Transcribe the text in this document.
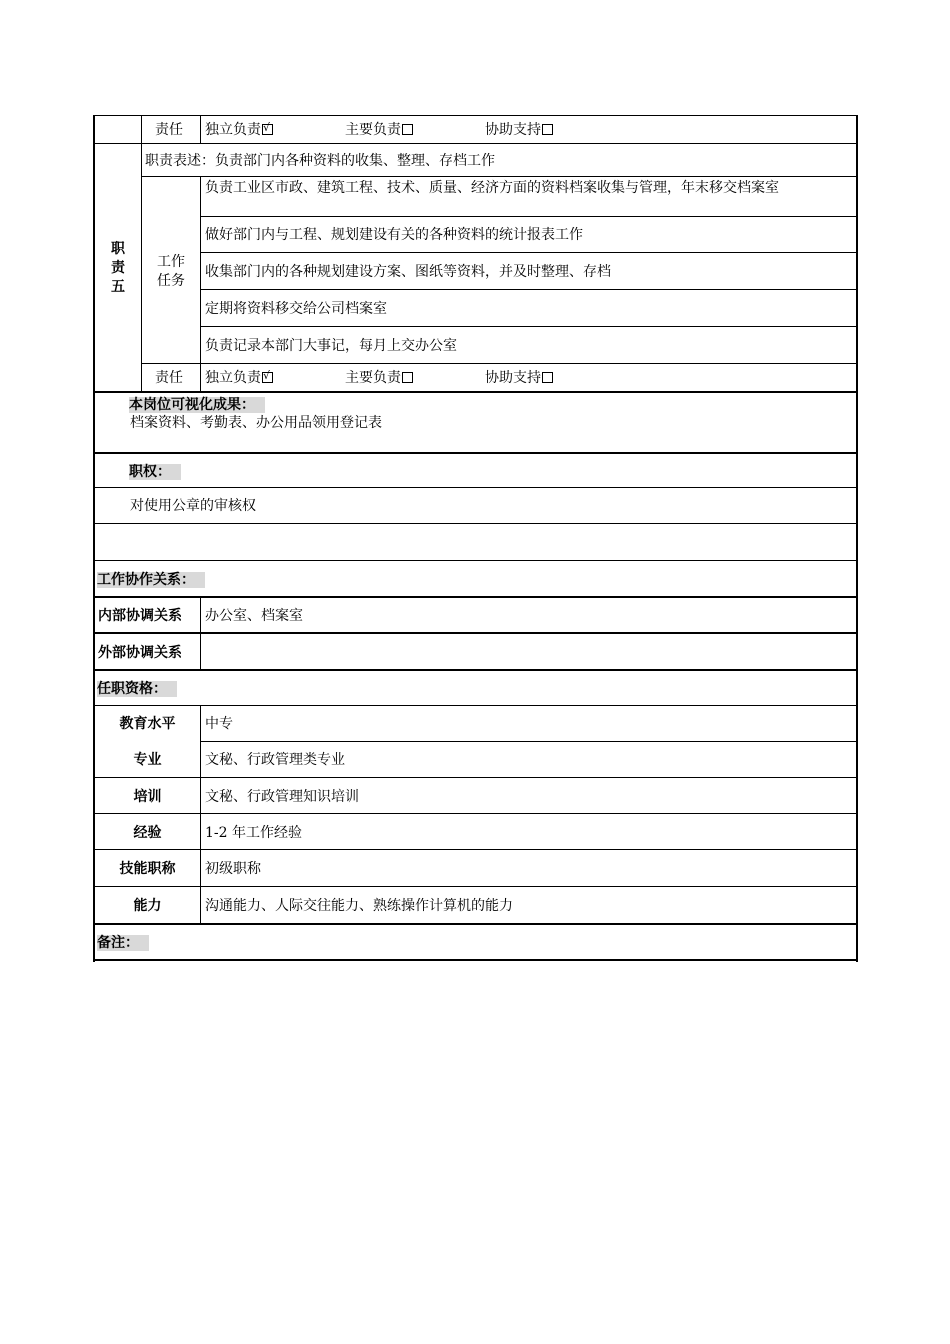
责任 独立负责 √	主要负责	协助支持
职责五
职责表述：负责部门内各种资料的收集、整理、存档工作
工作任务
负责工业区市政、建筑工程、技术、质量、经济方面的资料档案收集与管理，年末移交档案室
做好部门内与工程、规划建设有关的各种资料的统计报表工作
收集部门内的各种规划建设方案、图纸等资料，并及时整理、存档
定期将资料移交给公司档案室
负责记录本部门大事记，每月上交办公室
责任 独立负责 √	主要负责	协助支持
本岗位可视化成果：
档案资料、考勤表、办公用品领用登记表
职权：
对使用公章的审核权
工作协作关系：
内部协调关系 办公室、档案室
外部协调关系
任职资格：
教育水平	中专
专业	文秘、行政管理类专业
培训	文秘、行政管理知识培训
经验	1-2 年工作经验
技能职称	初级职称
能力	沟通能力、人际交往能力、熟练操作计算机的能力
备注：
